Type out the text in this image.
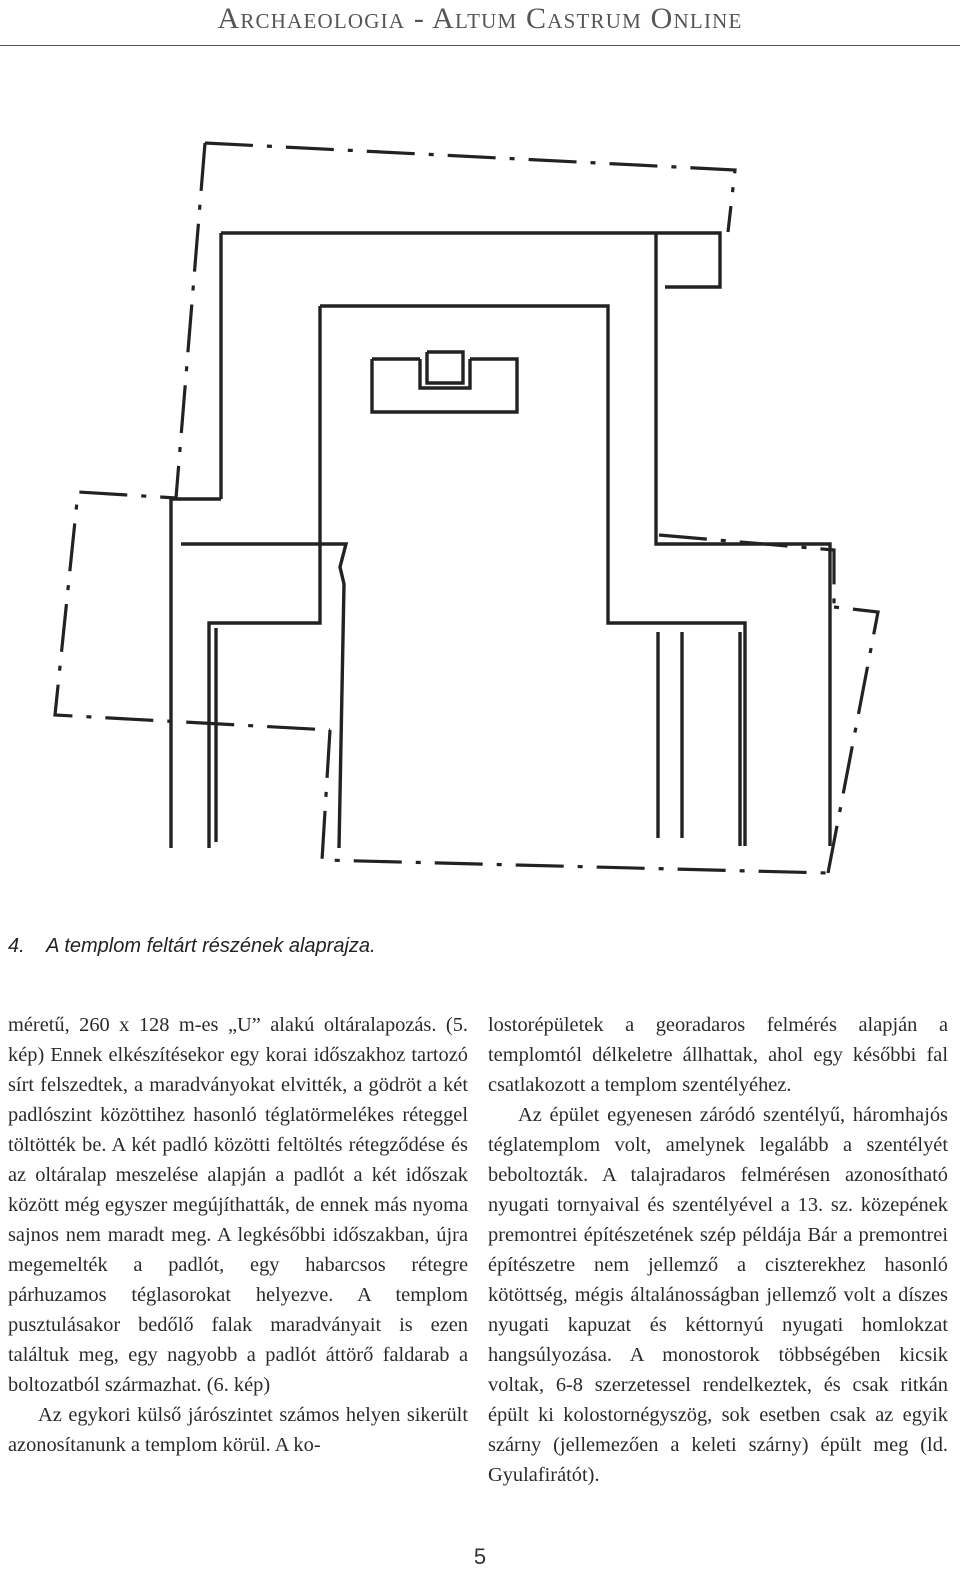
Archaeologia - Altum Castrum Online
4.    A templom feltárt részének alaprajza.

méretű, 260 x 128 m-es „U” alakú oltáralapozás. (5. kép) Ennek elkészítésekor egy korai időszakhoz tartozó sírt felszedtek, a maradványokat elvitték, a gödröt a két padlószint közöttihez hasonló téglatörmelékes réteggel töltötték be. A két padló közötti feltöltés rétegződése és az oltáralap meszelése alapján a padlót a két időszak között még egyszer megújíthatták, de ennek más nyoma sajnos nem maradt meg. A legkésőbbi időszakban, újra megemelték a padlót, egy habarcsos rétegre párhuzamos téglasorokat helyezve. A templom pusztulásakor bedőlő falak maradványait is ezen találtuk meg, egy nagyobb a padlót áttörő faldarab a boltozatból származhat. (6. kép)

Az egykori külső járószintet számos helyen sikerült azonosítanunk a templom körül. A ko-

lostorépületek a georadaros felmérés alapján a templomtól délkeletre állhattak, ahol egy későbbi fal csatlakozott a templom szentélyéhez.

Az épület egyenesen záródó szentélyű, háromhajós téglatemplom volt, amelynek legalább a szentélyét beboltozták. A talajradaros felmérésen azonosítható nyugati tornyaival és szentélyével a 13. sz. közepének premontrei építészetének szép példája Bár a premontrei építészetre nem jellemző a ciszterekhez hasonló kötöttség, mégis általánosságban jellemző volt a díszes nyugati kapuzat és kéttornyú nyugati homlokzat hangsúlyozása. A monostorok többségében kicsik voltak, 6-8 szerzetessel rendelkeztek, és csak ritkán épült ki kolostornégyszög, sok esetben csak az egyik szárny (jellemezően a keleti szárny) épült meg (ld. Gyulafirátót).

5
